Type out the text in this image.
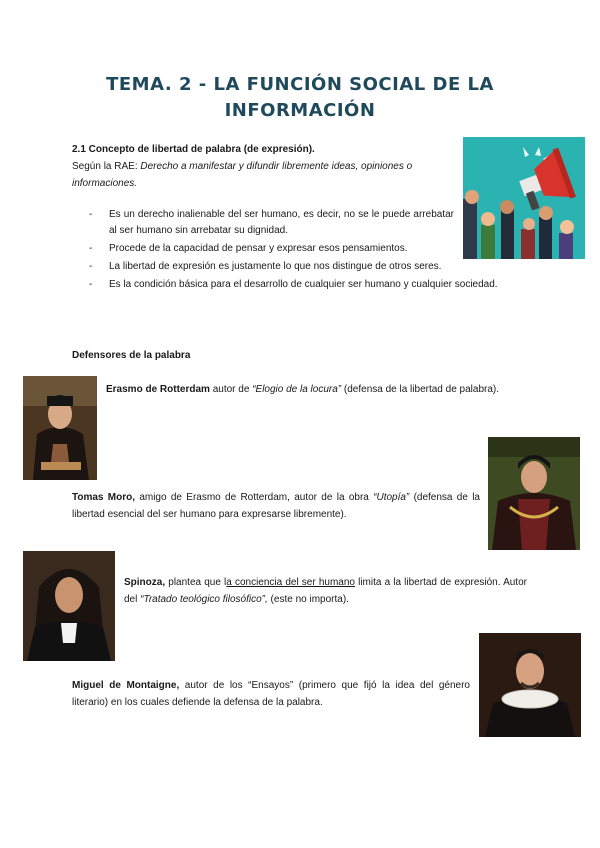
TEMA. 2 - LA FUNCIÓN SOCIAL DE LA INFORMACIÓN
2.1 Concepto de libertad de palabra (de expresión).
Según la RAE: Derecho a manifestar y difundir libremente ideas, opiniones o informaciones.
- Es un derecho inalienable del ser humano, es decir, no se le puede arrebatar al ser humano sin arrebatar su dignidad.
- Procede de la capacidad de pensar y expresar esos pensamientos.
- La libertad de expresión es justamente lo que nos distingue de otros seres.
- Es la condición básica para el desarrollo de cualquier ser humano y cualquier sociedad.
Defensores de la palabra
Erasmo de Rotterdam autor de “Elogio de la locura” (defensa de la libertad de palabra).
Tomas Moro, amigo de Erasmo de Rotterdam, autor de la obra “Utopía” (defensa de la libertad esencial del ser humano para expresarse libremente).
Spinoza, plantea que la conciencia del ser humano limita a la libertad de expresión. Autor del “Tratado teológico filosófico”, (este no importa).
Miguel de Montaigne, autor de los “Ensayos” (primero que fijó la idea del género literario) en los cuales defiende la defensa de la palabra.
